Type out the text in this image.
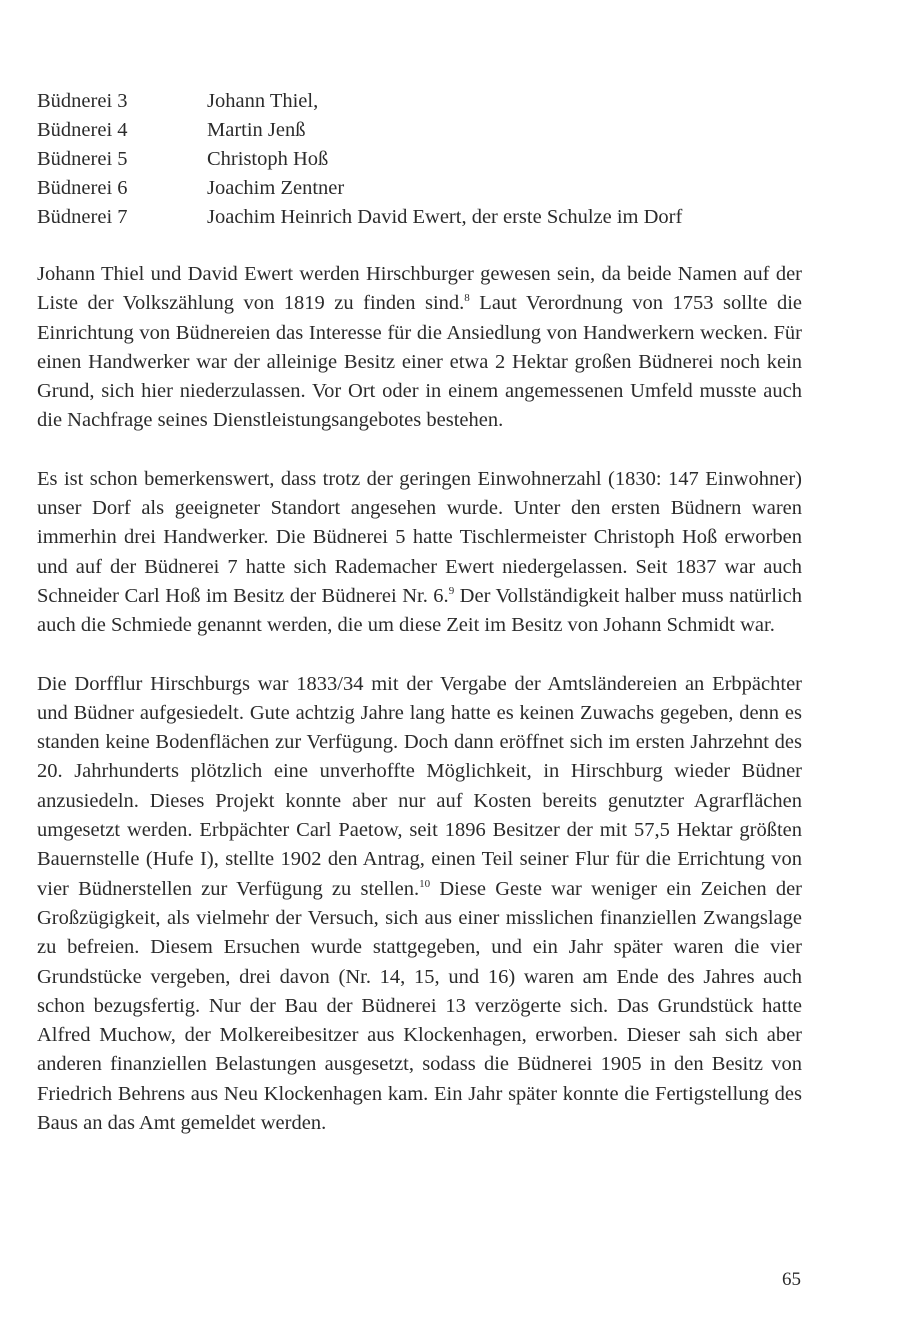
Büdnerei 3	Johann Thiel,
Büdnerei 4	Martin Jenß
Büdnerei 5	Christoph Hoß
Büdnerei 6	Joachim Zentner
Büdnerei 7	Joachim Heinrich David Ewert, der erste Schulze im Dorf

Johann Thiel und David Ewert werden Hirschburger gewesen sein, da beide Namen auf der Liste der Volkszählung von 1819 zu finden sind.$^8$ Laut Verordnung von 1753 sollte die Einrichtung von Büdnereien das Interesse für die Ansiedlung von Handwerkern wecken. Für einen Handwerker war der alleinige Besitz einer etwa 2 Hektar großen Büdnerei noch kein Grund, sich hier niederzulassen. Vor Ort oder in einem angemessenen Umfeld musste auch die Nachfrage seines Dienstleistungsangebotes bestehen.

Es ist schon bemerkenswert, dass trotz der geringen Einwohnerzahl (1830: 147 Einwohner) unser Dorf als geeigneter Standort angesehen wurde. Unter den ersten Büdnern waren immerhin drei Handwerker. Die Büdnerei 5 hatte Tischlermeister Christoph Hoß erworben und auf der Büdnerei 7 hatte sich Rademacher Ewert niedergelassen. Seit 1837 war auch Schneider Carl Hoß im Besitz der Büdnerei Nr. 6.$^9$ Der Vollständigkeit halber muss natürlich auch die Schmiede genannt werden, die um diese Zeit im Besitz von Johann Schmidt war.

Die Dorfflur Hirschburgs war 1833/34 mit der Vergabe der Amtsländereien an Erbpächter und Büdner aufgesiedelt. Gute achtzig Jahre lang hatte es keinen Zuwachs gegeben, denn es standen keine Bodenflächen zur Verfügung. Doch dann eröffnet sich im ersten Jahrzehnt des 20. Jahrhunderts plötzlich eine unverhoffte Möglichkeit, in Hirschburg wieder Büdner anzusiedeln. Dieses Projekt konnte aber nur auf Kosten bereits genutzter Agrarflächen umgesetzt werden. Erbpächter Carl Paetow, seit 1896 Besitzer der mit 57,5 Hektar größten Bauernstelle (Hufe I), stellte 1902 den Antrag, einen Teil seiner Flur für die Errichtung von vier Büdnerstellen zur Verfügung zu stellen.$^{10}$ Diese Geste war weniger ein Zeichen der Großzügigkeit, als vielmehr der Versuch, sich aus einer misslichen finanziellen Zwangslage zu befreien. Diesem Ersuchen wurde stattgegeben, und ein Jahr später waren die vier Grundstücke vergeben, drei davon (Nr. 14, 15, und 16) waren am Ende des Jahres auch schon bezugsfertig. Nur der Bau der Büdnerei 13 verzögerte sich. Das Grundstück hatte Alfred Muchow, der Molkereibesitzer aus Klockenhagen, erworben. Dieser sah sich aber anderen finanziellen Belastungen ausgesetzt, sodass die Büdnerei 1905 in den Besitz von Friedrich Behrens aus Neu Klockenhagen kam. Ein Jahr später konnte die Fertigstellung des Baus an das Amt gemeldet werden.

65
